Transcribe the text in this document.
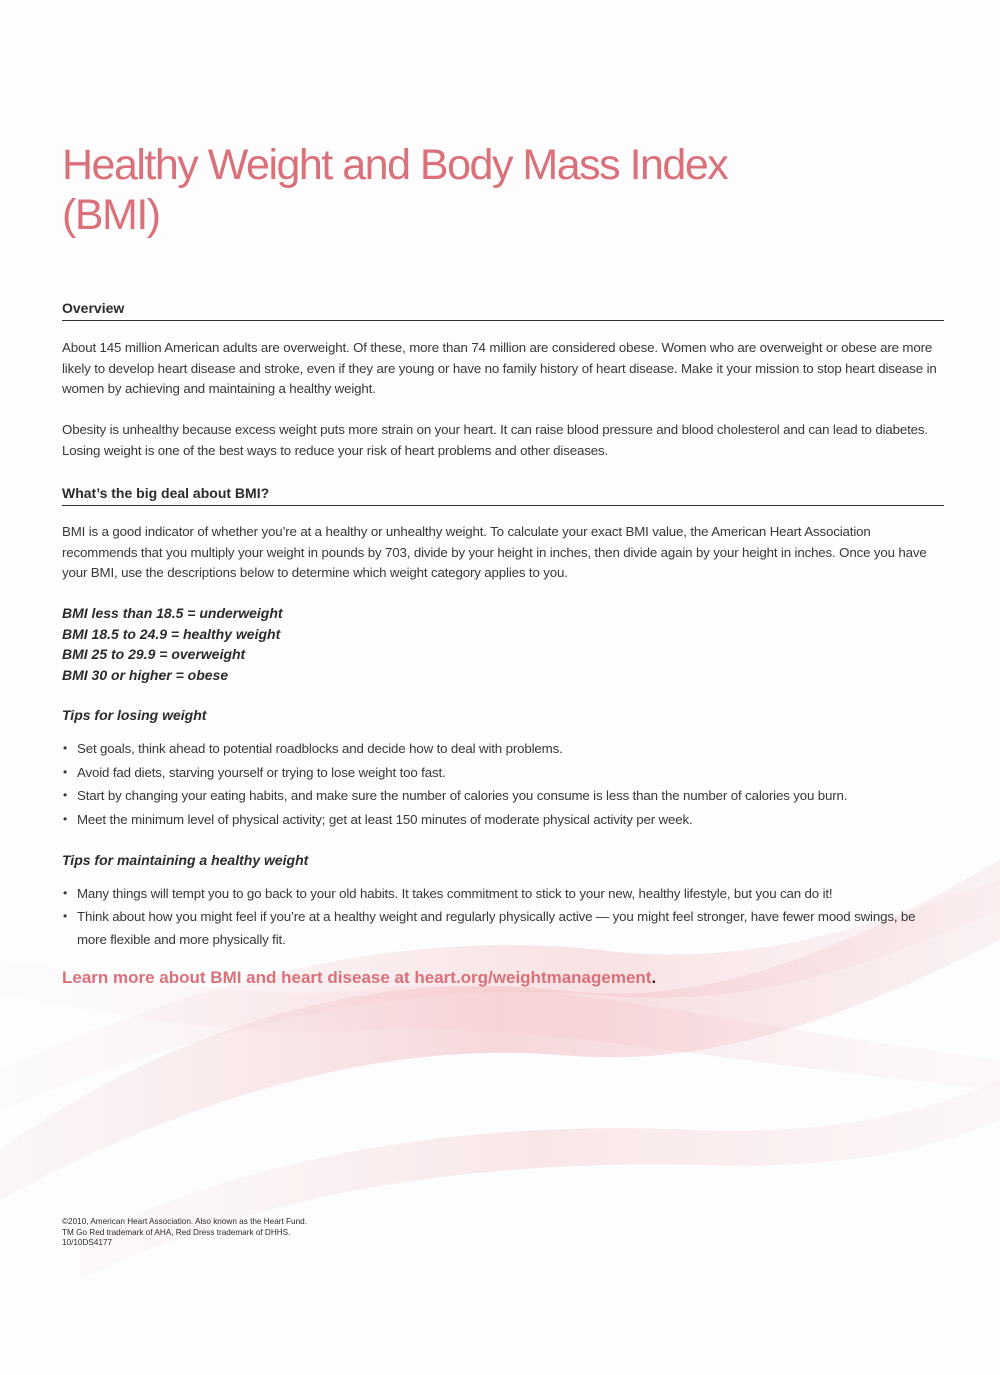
Healthy Weight and Body Mass Index
(BMI)
Overview

About 145 million American adults are overweight. Of these, more than 74 million are considered obese. Women who are overweight or obese are more likely to develop heart disease and stroke, even if they are young or have no family history of heart disease. Make it your mission to stop heart disease in women by achieving and maintaining a healthy weight.

Obesity is unhealthy because excess weight puts more strain on your heart. It can raise blood pressure and blood cholesterol and can lead to diabetes. Losing weight is one of the best ways to reduce your risk of heart problems and other diseases.

What’s the big deal about BMI?

BMI is a good indicator of whether you’re at a healthy or unhealthy weight. To calculate your exact BMI value, the American Heart Association recommends that you multiply your weight in pounds by 703, divide by your height in inches, then divide again by your height in inches. Once you have your BMI, use the descriptions below to determine which weight category applies to you.

BMI less than 18.5 = underweight
BMI 18.5 to 24.9 = healthy weight
BMI 25 to 29.9 = overweight
BMI 30 or higher = obese
Tips for losing weight
• Set goals, think ahead to potential roadblocks and decide how to deal with problems.
• Avoid fad diets, starving yourself or trying to lose weight too fast.
• Start by changing your eating habits, and make sure the number of calories you consume is less than the number of calories you burn.
• Meet the minimum level of physical activity; get at least 150 minutes of moderate physical activity per week.
Tips for maintaining a healthy weight
• Many things will tempt you to go back to your old habits. It takes commitment to stick to your new, healthy lifestyle, but you can do it!
• Think about how you might feel if you’re at a healthy weight and regularly physically active — you might feel stronger, have fewer mood swings, be more flexible and more physically fit.

Learn more about BMI and heart disease at heart.org/weightmanagement.

©2010, American Heart Association. Also known as the Heart Fund.
TM Go Red trademark of AHA, Red Dress trademark of DHHS.
10/10DS4177
